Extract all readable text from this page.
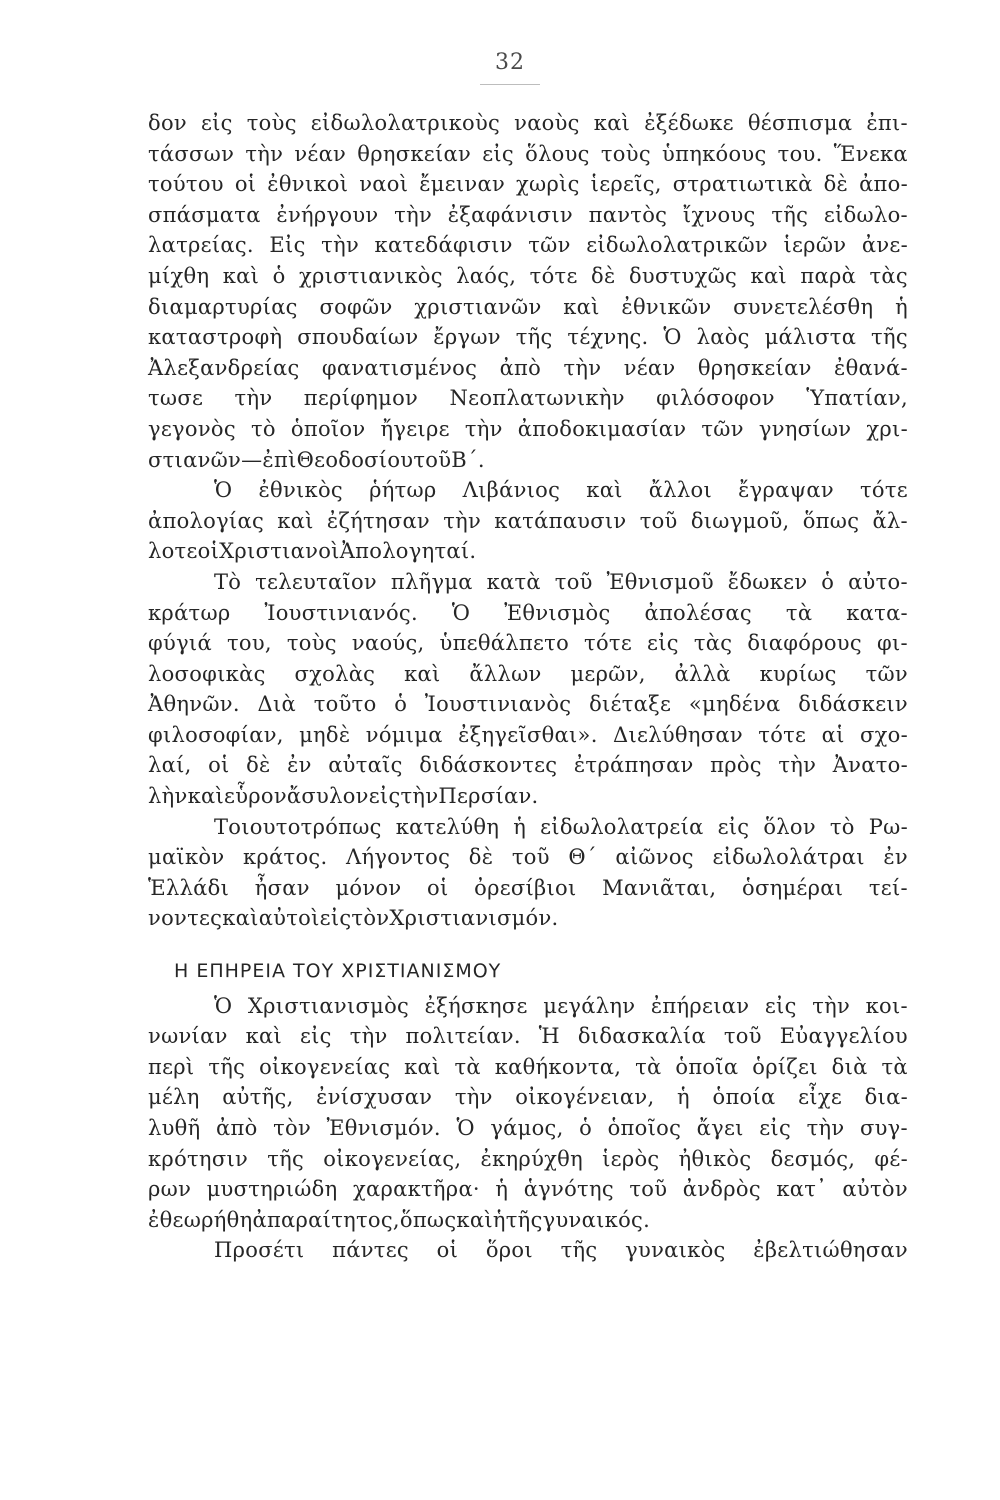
32
δον εἰς τοὺς εἰδωλολατρικοὺς ναοὺς καὶ ἐξέδωκε θέσπισμα ἐπι-
τάσσων τὴν νέαν θρησκείαν εἰς ὅλους τοὺς ὑπηκόους του. Ἕνεκα
τούτου οἱ ἐθνικοὶ ναοὶ ἔμειναν χωρὶς ἱερεῖς, στρατιωτικὰ δὲ ἀπο-
σπάσματα ἐνήργουν τὴν ἐξαφάνισιν παντὸς ἴχνους τῆς εἰδωλο-
λατρείας. Εἰς τὴν κατεδάφισιν τῶν εἰδωλολατρικῶν ἱερῶν ἀνε-
μίχθη καὶ ὁ χριστιανικὸς λαός, τότε δὲ δυστυχῶς καὶ παρὰ τὰς
διαμαρτυρίας σοφῶν χριστιανῶν καὶ ἐθνικῶν συνετελέσθη ἡ
καταστροφὴ σπουδαίων ἔργων τῆς τέχνης. Ὁ λαὸς μάλιστα τῆς
Ἀλεξανδρείας φανατισμένος ἀπὸ τὴν νέαν θρησκείαν ἐθανά-
τωσε τὴν περίφημον Νεοπλατωνικὴν φιλόσοφον Ὑπατίαν,
γεγονὸς τὸ ὁποῖον ἤγειρε τὴν ἀποδοκιμασίαν τῶν γνησίων χρι-
στιανῶν—ἐπὶ Θεοδοσίου τοῦ Β΄.
Ὁ ἐθνικὸς ῥήτωρ Λιβάνιος καὶ ἄλλοι ἔγραψαν τότε
ἀπολογίας καὶ ἐζήτησαν τὴν κατάπαυσιν τοῦ διωγμοῦ, ὅπως ἄλ-
λοτε οἱ Χριστιανοὶ Ἀπολογηταί.
Τὸ τελευταῖον πλῆγμα κατὰ τοῦ Ἐθνισμοῦ ἔδωκεν ὁ αὐτο-
κράτωρ Ἰουστινιανός. Ὁ Ἐθνισμὸς ἀπολέσας τὰ κατα-
φύγιά του, τοὺς ναούς, ὑπεθάλπετο τότε εἰς τὰς διαφόρους φι-
λοσοφικὰς σχολὰς καὶ ἄλλων μερῶν, ἀλλὰ κυρίως τῶν
Ἀθηνῶν. Διὰ τοῦτο ὁ Ἰουστινιανὸς διέταξε «μηδένα διδάσκειν
φιλοσοφίαν, μηδὲ νόμιμα ἐξηγεῖσθαι». Διελύθησαν τότε αἱ σχο-
λαί, οἱ δὲ ἐν αὐταῖς διδάσκοντες ἐτράπησαν πρὸς τὴν Ἀνατο-
λὴν καὶ εὗρον ἄσυλον εἰς τὴν Περσίαν.
Τοιουτοτρόπως κατελύθη ἡ εἰδωλολατρεία εἰς ὅλον τὸ Ρω-
μαϊκὸν κράτος. Λήγοντος δὲ τοῦ Θ΄ αἰῶνος εἰδωλολάτραι ἐν
Ἑλλάδι ἦσαν μόνον οἱ ὀρεσίβιοι Μανιᾶται, ὁσημέραι τεί-
νοντες καὶ αὐτοὶ εἰς τὸν Χριστιανισμόν.
Η ΕΠΗΡΕΙΑ ΤΟΥ ΧΡΙΣΤΙΑΝΙΣΜΟΥ
Ὁ Χριστιανισμὸς ἐξήσκησε μεγάλην ἐπήρειαν εἰς τὴν κοι-
νωνίαν καὶ εἰς τὴν πολιτείαν. Ἡ διδασκαλία τοῦ Εὐαγγελίου
περὶ τῆς οἰκογενείας καὶ τὰ καθήκοντα, τὰ ὁποῖα ὁρίζει διὰ τὰ
μέλη αὐτῆς, ἐνίσχυσαν τὴν οἰκογένειαν, ἡ ὁποία εἶχε δια-
λυθῆ ἀπὸ τὸν Ἐθνισμόν. Ὁ γάμος, ὁ ὁποῖος ἄγει εἰς τὴν συγ-
κρότησιν τῆς οἰκογενείας, ἐκηρύχθη ἱερὸς ἠθικὸς δεσμός, φέ-
ρων μυστηριώδη χαρακτῆρα· ἡ ἁγνότης τοῦ ἀνδρὸς κατ᾽ αὐτὸν
ἐθεωρήθη ἀπαραίτητος, ὅπως καὶ ἡ τῆς γυναικός.
Προσέτι πάντες οἱ ὅροι τῆς γυναικὸς ἐβελτιώθησαν
